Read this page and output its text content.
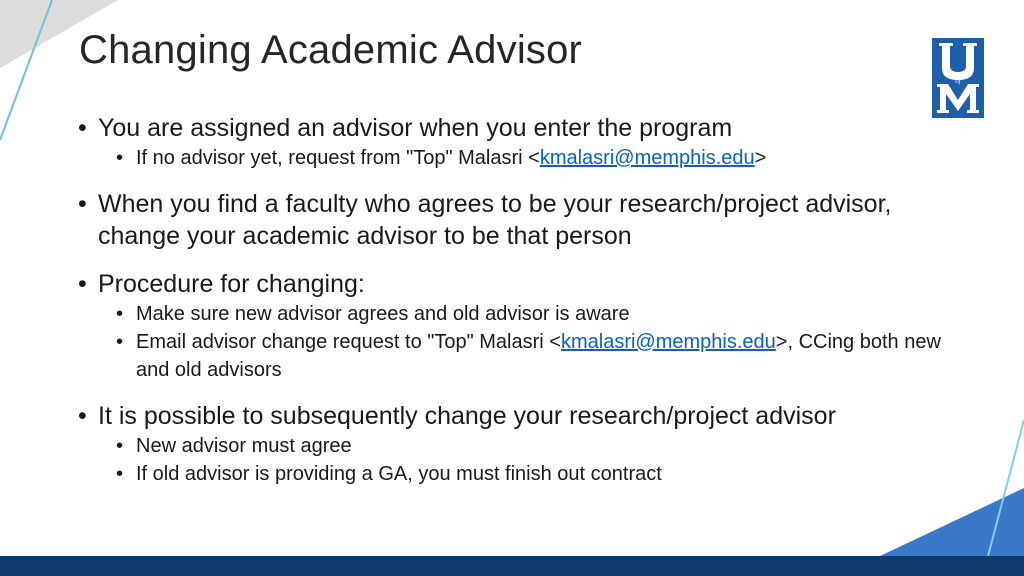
Changing Academic Advisor
of

• You are assigned an advisor when you enter the program

• If no advisor yet, request from "Top" Malasri <kmalasri@memphis.edu>

• When you find a faculty who agrees to be your research/project advisor, change your academic advisor to be that person

• Procedure for changing:

• Make sure new advisor agrees and old advisor is aware

• Email advisor change request to "Top" Malasri <kmalasri@memphis.edu>, CCing both new and old advisors

• It is possible to subsequently change your research/project advisor

• New advisor must agree

• If old advisor is providing a GA, you must finish out contract
